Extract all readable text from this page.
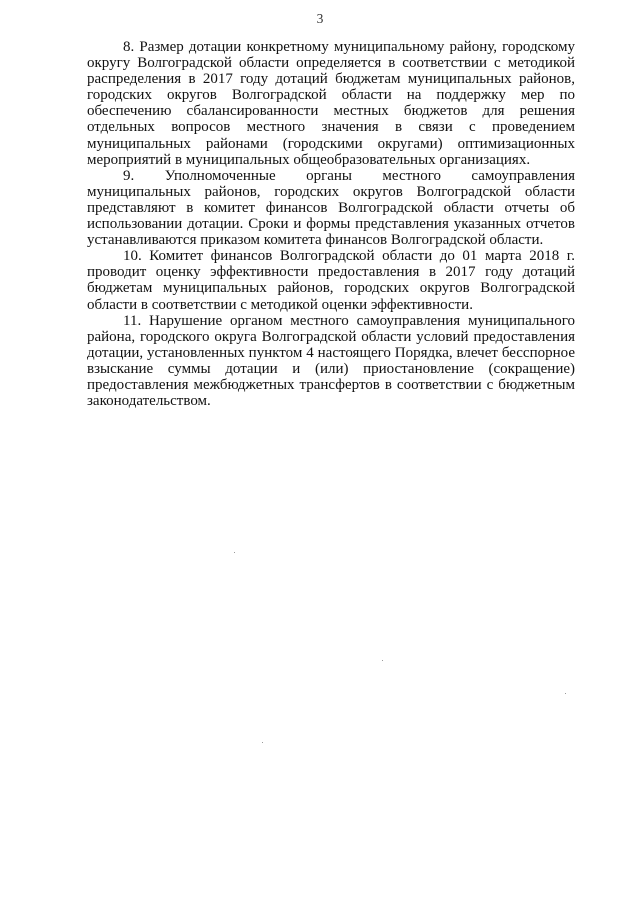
3

8. Размер дотации конкретному муниципальному району, городскому округу Волгоградской области определяется в соответствии с методикой распределения в 2017 году дотаций бюджетам муниципальных районов, городских округов Волгоградской области на поддержку мер по обеспечению сбалансированности местных бюджетов для решения отдельных вопросов местного значения в связи с проведением муниципальных районами (городскими округами) оптимизационных мероприятий в муниципальных общеобразовательных организациях.

9. Уполномоченные органы местного самоуправления муниципальных районов, городских округов Волгоградской области представляют в комитет финансов Волгоградской области отчеты об использовании дотации. Сроки и формы представления указанных отчетов устанавливаются приказом комитета финансов Волгоградской области.

10. Комитет финансов Волгоградской области до 01 марта 2018 г. проводит оценку эффективности предоставления в 2017 году дотаций бюджетам муниципальных районов, городских округов Волгоградской области в соответствии с методикой оценки эффективности.

11. Нарушение органом местного самоуправления муниципального района, городского округа Волгоградской области условий предоставления дотации, установленных пунктом 4 настоящего Порядка, влечет бесспорное взыскание суммы дотации и (или) приостановление (сокращение) предоставления межбюджетных трансфертов в соответствии с бюджетным законодательством.
